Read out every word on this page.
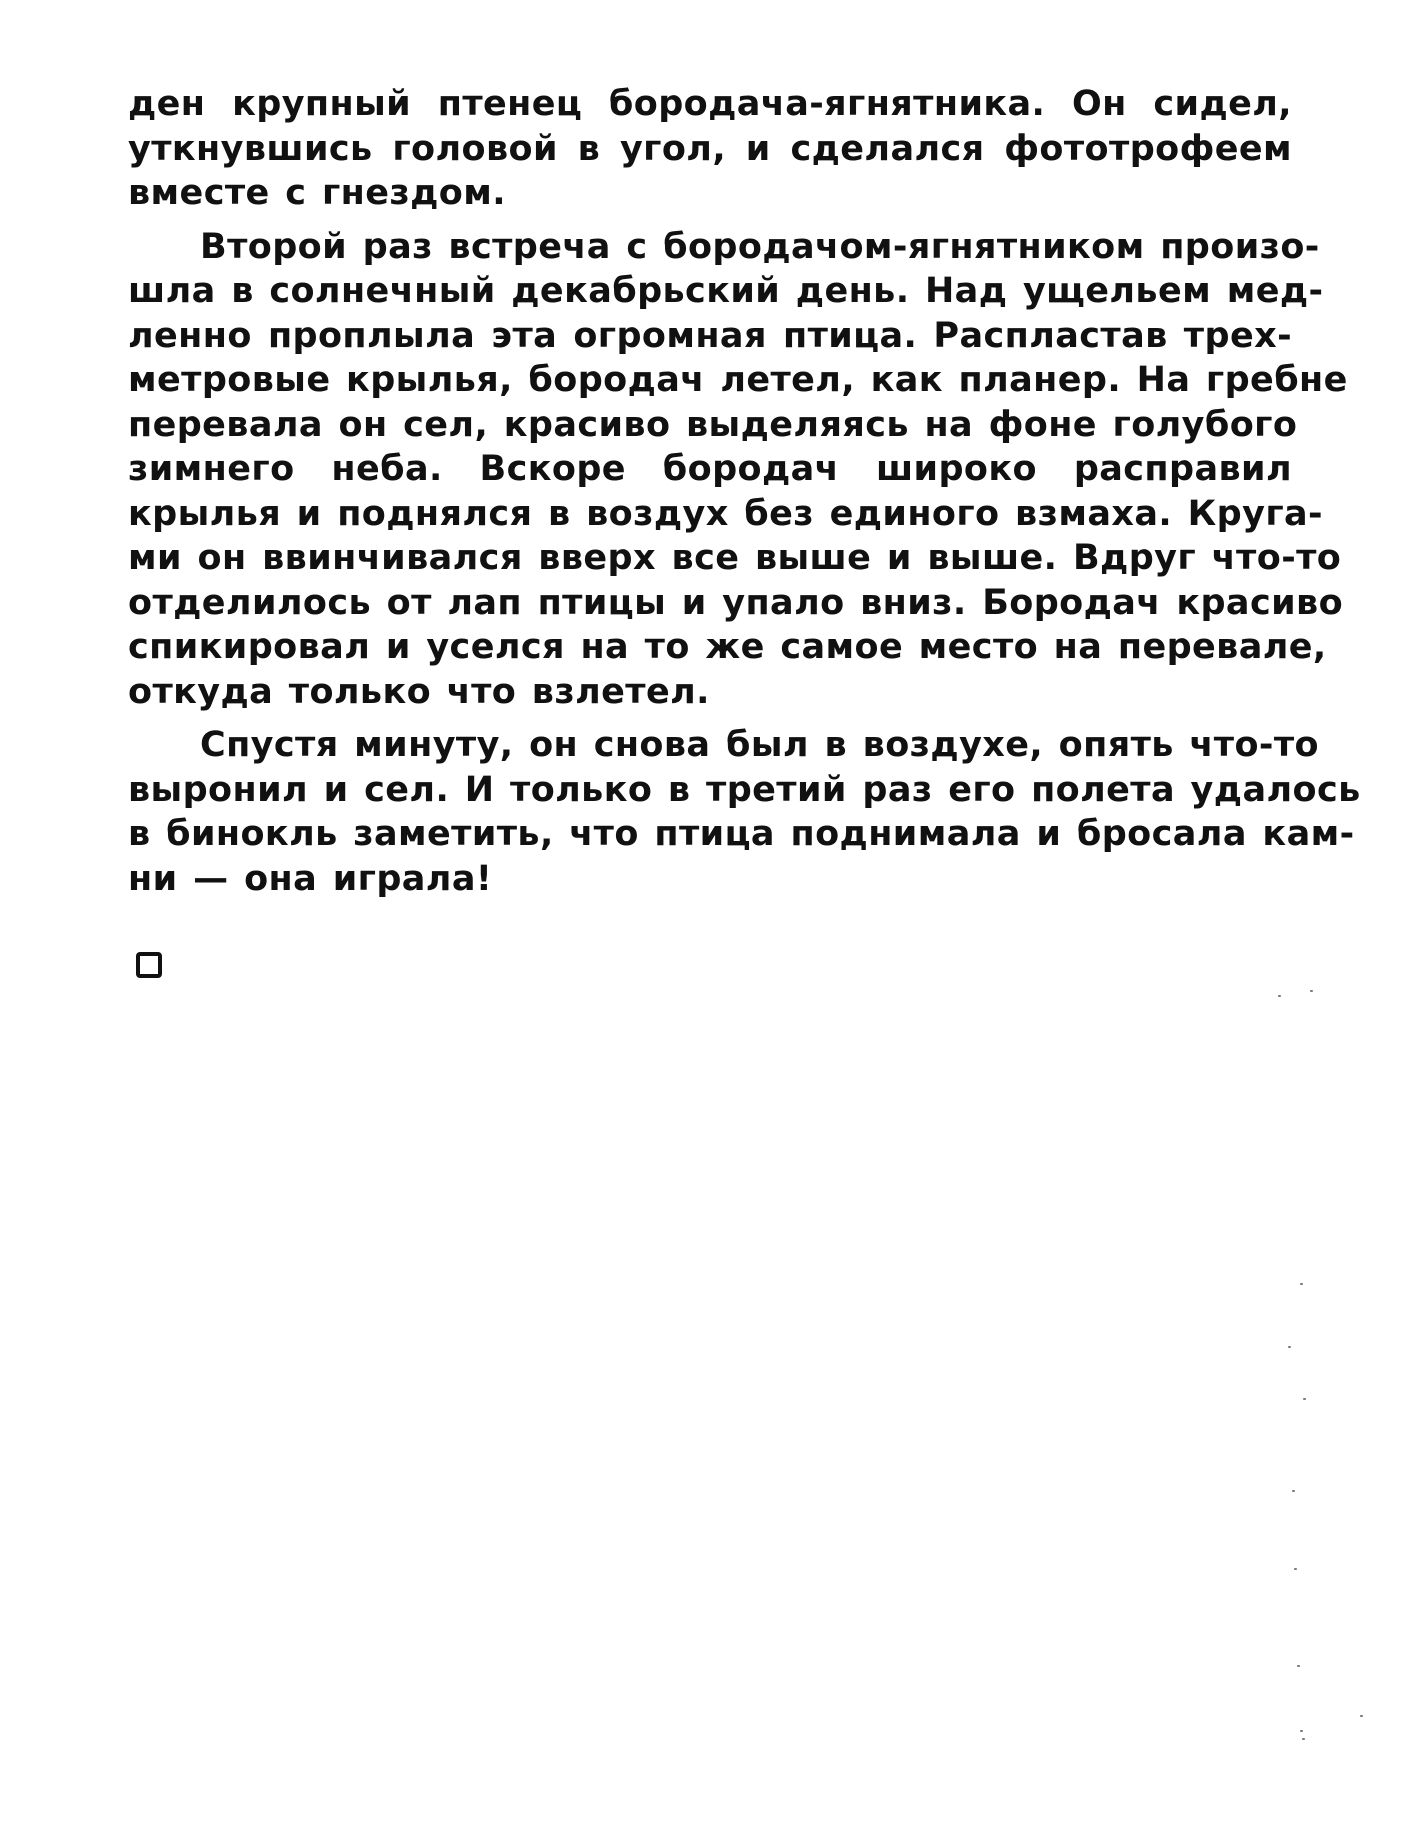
ден крупный птенец бородача-ягнятника. Он сидел,
уткнувшись головой в угол, и сделался фототрофеем
вместе с гнездом.
Второй раз встреча с бородачом-ягнятником произо-
шла в солнечный декабрьский день. Над ущельем мед-
ленно проплыла эта огромная птица. Распластав трех-
метровые крылья, бородач летел, как планер. На гребне
перевала он сел, красиво выделяясь на фоне голубого
зимнего неба. Вскоре бородач широко расправил
крылья и поднялся в воздух без единого взмаха. Круга-
ми он ввинчивался вверх все выше и выше. Вдруг что-то
отделилось от лап птицы и упало вниз. Бородач красиво
спикировал и уселся на то же самое место на перевале,
откуда только что взлетел.
Спустя минуту, он снова был в воздухе, опять что-то
выронил и сел. И только в третий раз его полета удалось
в бинокль заметить, что птица поднимала и бросала кам-
ни — она играла!
